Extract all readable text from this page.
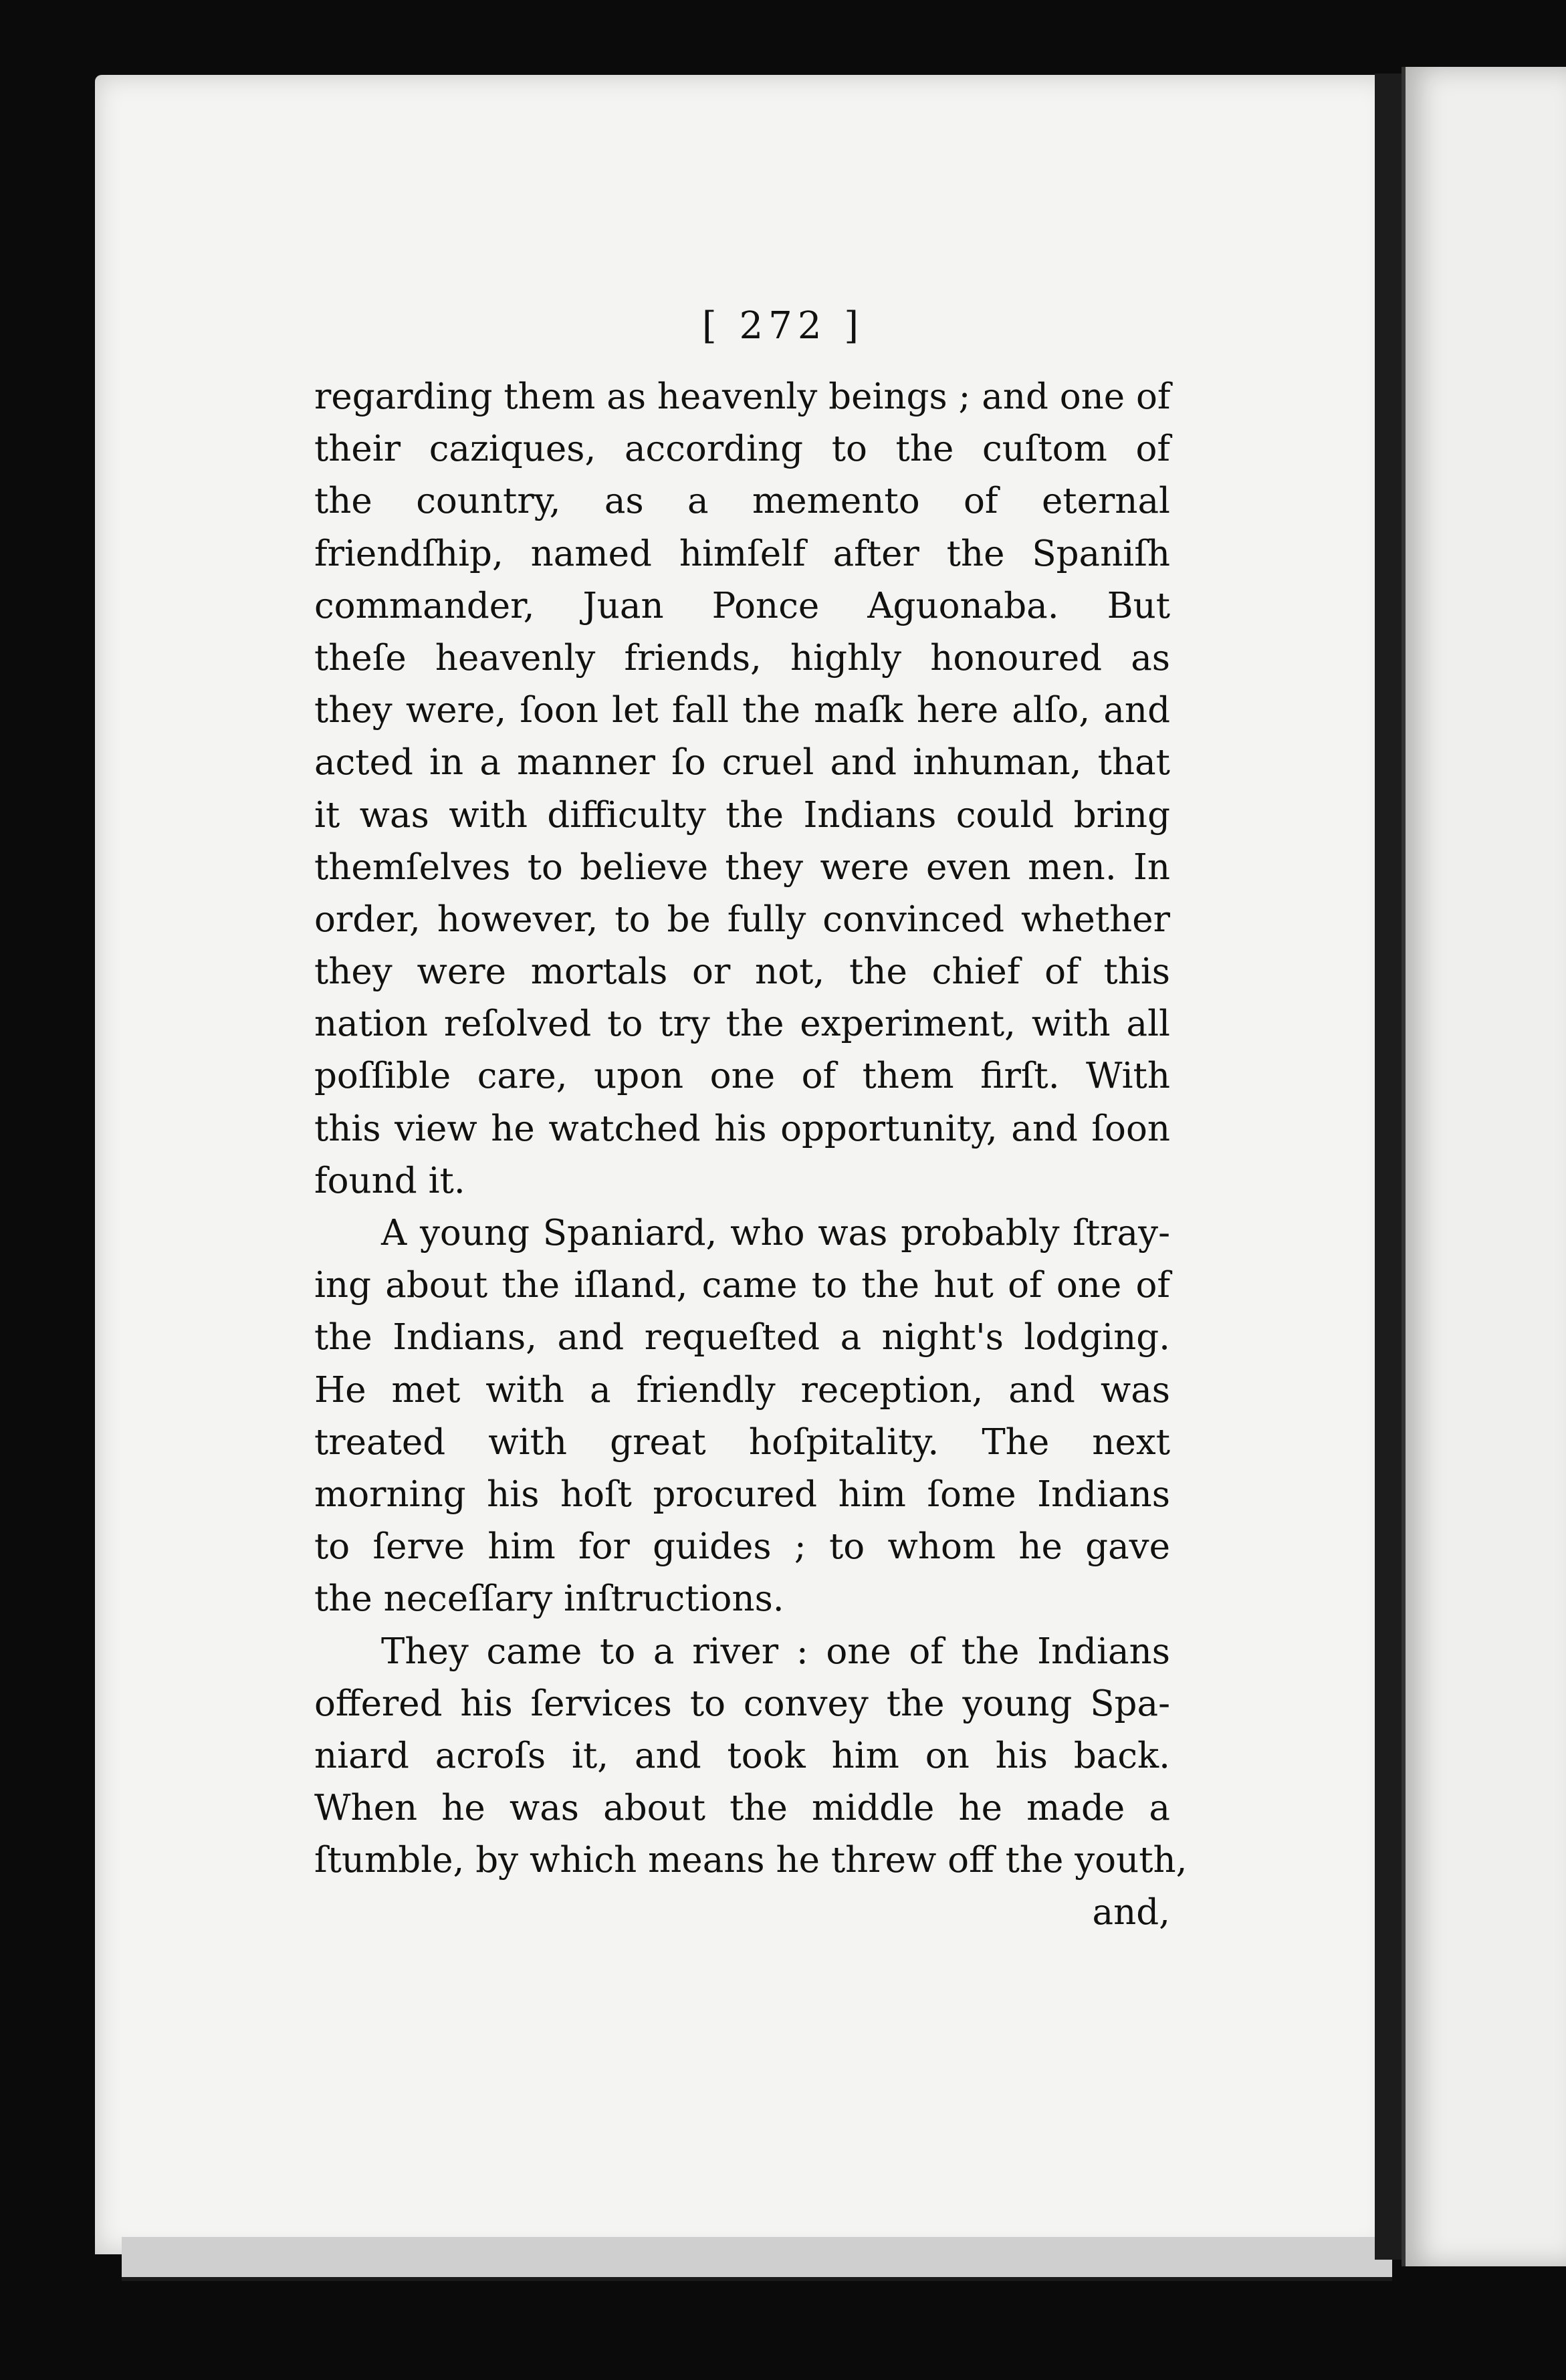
[ 272 ]
regarding them as heavenly beings ; and one of
their caziques, according to the cuſtom of
the country, as a memento of eternal
friendſhip, named himſelf after the Spaniſh
commander, Juan Ponce Aguonaba. But
theſe heavenly friends, highly honoured as
they were, ſoon let fall the maſk here alſo, and
acted in a manner ſo cruel and inhuman, that
it was with difficulty the Indians could bring
themſelves to believe they were even men. In
order, however, to be fully convinced whether
they were mortals or not, the chief of this
nation reſolved to try the experiment, with all
poſſible care, upon one of them firſt. With
this view he watched his opportunity, and ſoon
found it.
A young Spaniard, who was probably ſtray-
ing about the iſland, came to the hut of one of
the Indians, and requeſted a night's lodging.
He met with a friendly reception, and was
treated with great hoſpitality. The next
morning his hoſt procured him ſome Indians
to ſerve him for guides ; to whom he gave
the neceſſary inſtructions.
They came to a river : one of the Indians
offered his ſervices to convey the young Spa-
niard acroſs it, and took him on his back.
When he was about the middle he made a
ſtumble, by which means he threw off the youth,
and,
